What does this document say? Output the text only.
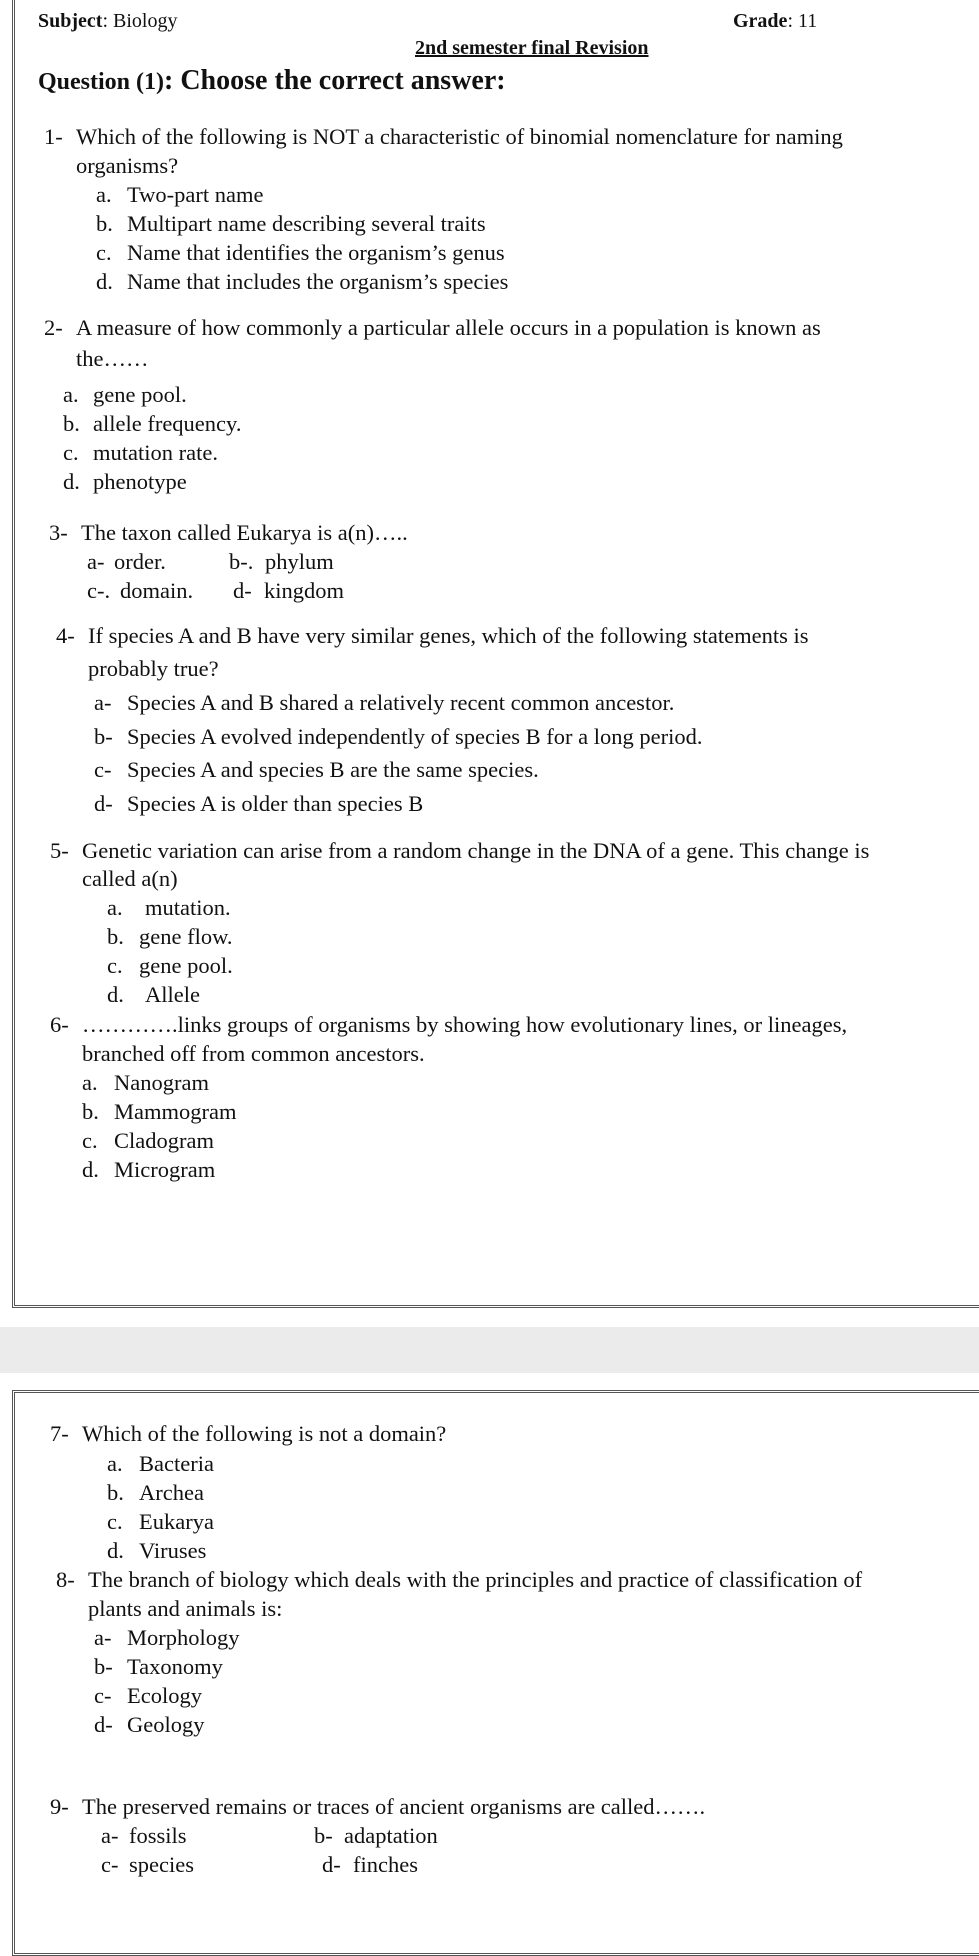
Subject: Biology	Grade: 11
2nd semester final Revision
Question (1): Choose the correct answer:
1- Which of the following is NOT a characteristic of binomial nomenclature for naming
organisms?
a. Two-part name
b. Multipart name describing several traits
c. Name that identifies the organism’s genus
d. Name that includes the organism’s species
2- A measure of how commonly a particular allele occurs in a population is known as
the……
a. gene pool.
b. allele frequency.
c. mutation rate.
d. phenotype
3- The taxon called Eukarya is a(n)…..
a- order.	b-. phylum
c-. domain. d- kingdom
4- If species A and B have very similar genes, which of the following statements is
probably true?
a- Species A and B shared a relatively recent common ancestor.
b- Species A evolved independently of species B for a long period.
c- Species A and species B are the same species.
d- Species A is older than species B
5- Genetic variation can arise from a random change in the DNA of a gene. This change is
called a(n)
a. mutation.
b. gene flow.
c. gene pool.
d. Allele
6- ………….links groups of organisms by showing how evolutionary lines, or lineages,
branched off from common ancestors.
a. Nanogram
b. Mammogram
c. Cladogram
d. Microgram
7- Which of the following is not a domain?
a. Bacteria
b. Archea
c. Eukarya
d. Viruses
8- The branch of biology which deals with the principles and practice of classification of
plants and animals is:
a- Morphology
b- Taxonomy
c- Ecology
d- Geology
9- The preserved remains or traces of ancient organisms are called…….
a- fossils	b- adaptation
c- species	d- finches
